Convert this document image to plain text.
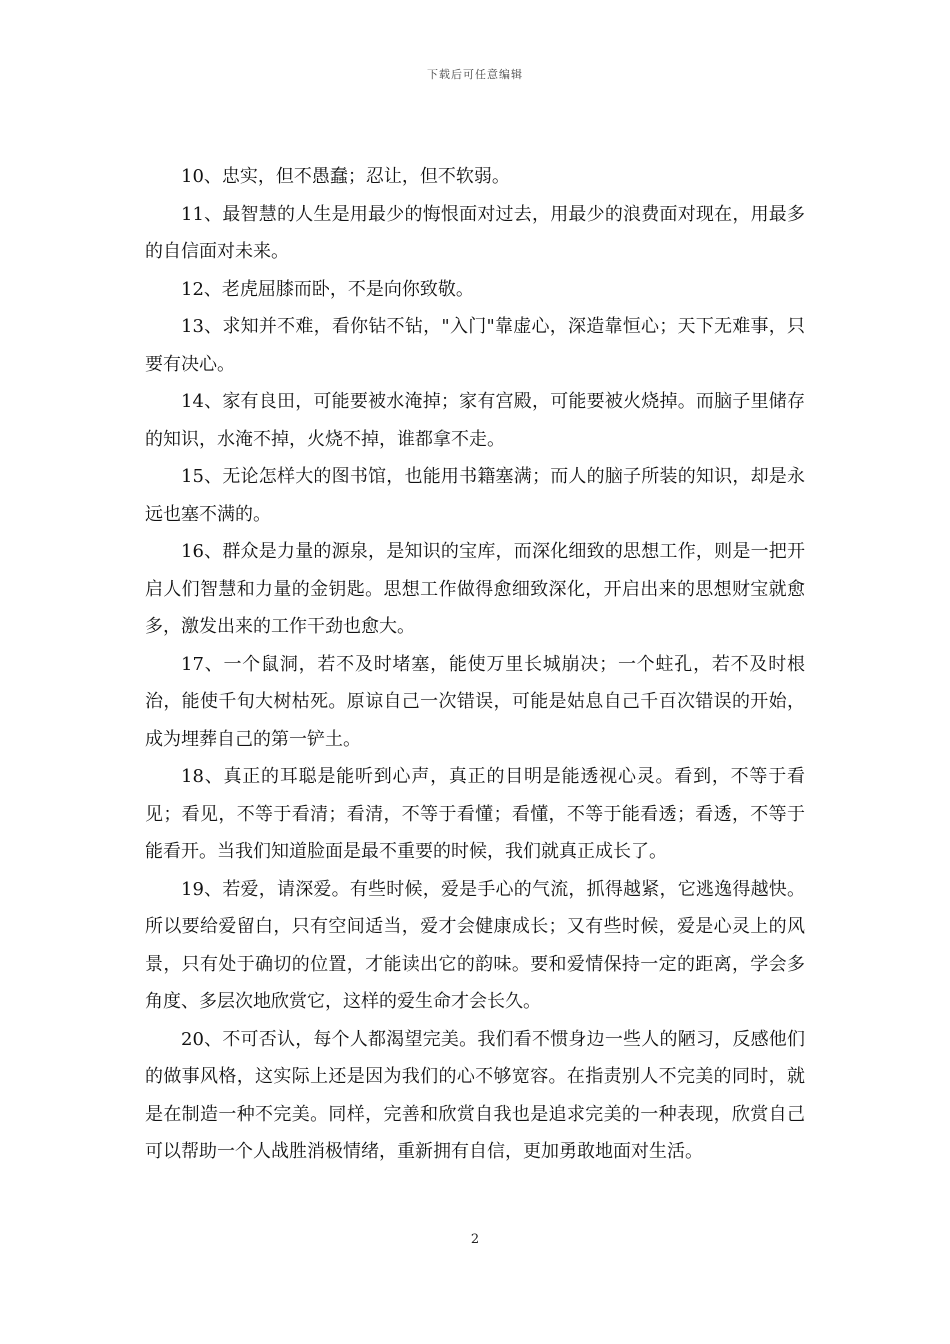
下载后可任意编辑

10、忠实，但不愚蠢；忍让，但不软弱。

11、最智慧的人生是用最少的悔恨面对过去，用最少的浪费面对现在，用最多的自信面对未来。

12、老虎屈膝而卧，不是向你致敬。

13、求知并不难，看你钻不钻，"入门"靠虚心，深造靠恒心；天下无难事，只要有决心。

14、家有良田，可能要被水淹掉；家有宫殿，可能要被火烧掉。而脑子里储存的知识，水淹不掉，火烧不掉，谁都拿不走。

15、无论怎样大的图书馆，也能用书籍塞满；而人的脑子所装的知识，却是永远也塞不满的。

16、群众是力量的源泉，是知识的宝库，而深化细致的思想工作，则是一把开启人们智慧和力量的金钥匙。思想工作做得愈细致深化，开启出来的思想财宝就愈多，激发出来的工作干劲也愈大。

17、一个鼠洞，若不及时堵塞，能使万里长城崩决；一个蛀孔，若不及时根治，能使千旬大树枯死。原谅自己一次错误，可能是姑息自己千百次错误的开始，成为埋葬自己的第一铲土。

18、真正的耳聪是能听到心声，真正的目明是能透视心灵。看到，不等于看见；看见，不等于看清；看清，不等于看懂；看懂，不等于能看透；看透，不等于能看开。当我们知道脸面是最不重要的时候，我们就真正成长了。

19、若爱，请深爱。有些时候，爱是手心的气流，抓得越紧，它逃逸得越快。所以要给爱留白，只有空间适当，爱才会健康成长；又有些时候，爱是心灵上的风景，只有处于确切的位置，才能读出它的韵味。要和爱情保持一定的距离，学会多角度、多层次地欣赏它，这样的爱生命才会长久。

20、不可否认，每个人都渴望完美。我们看不惯身边一些人的陋习，反感他们的做事风格，这实际上还是因为我们的心不够宽容。在指责别人不完美的同时，就是在制造一种不完美。同样，完善和欣赏自我也是追求完美的一种表现，欣赏自己可以帮助一个人战胜消极情绪，重新拥有自信，更加勇敢地面对生活。

2
